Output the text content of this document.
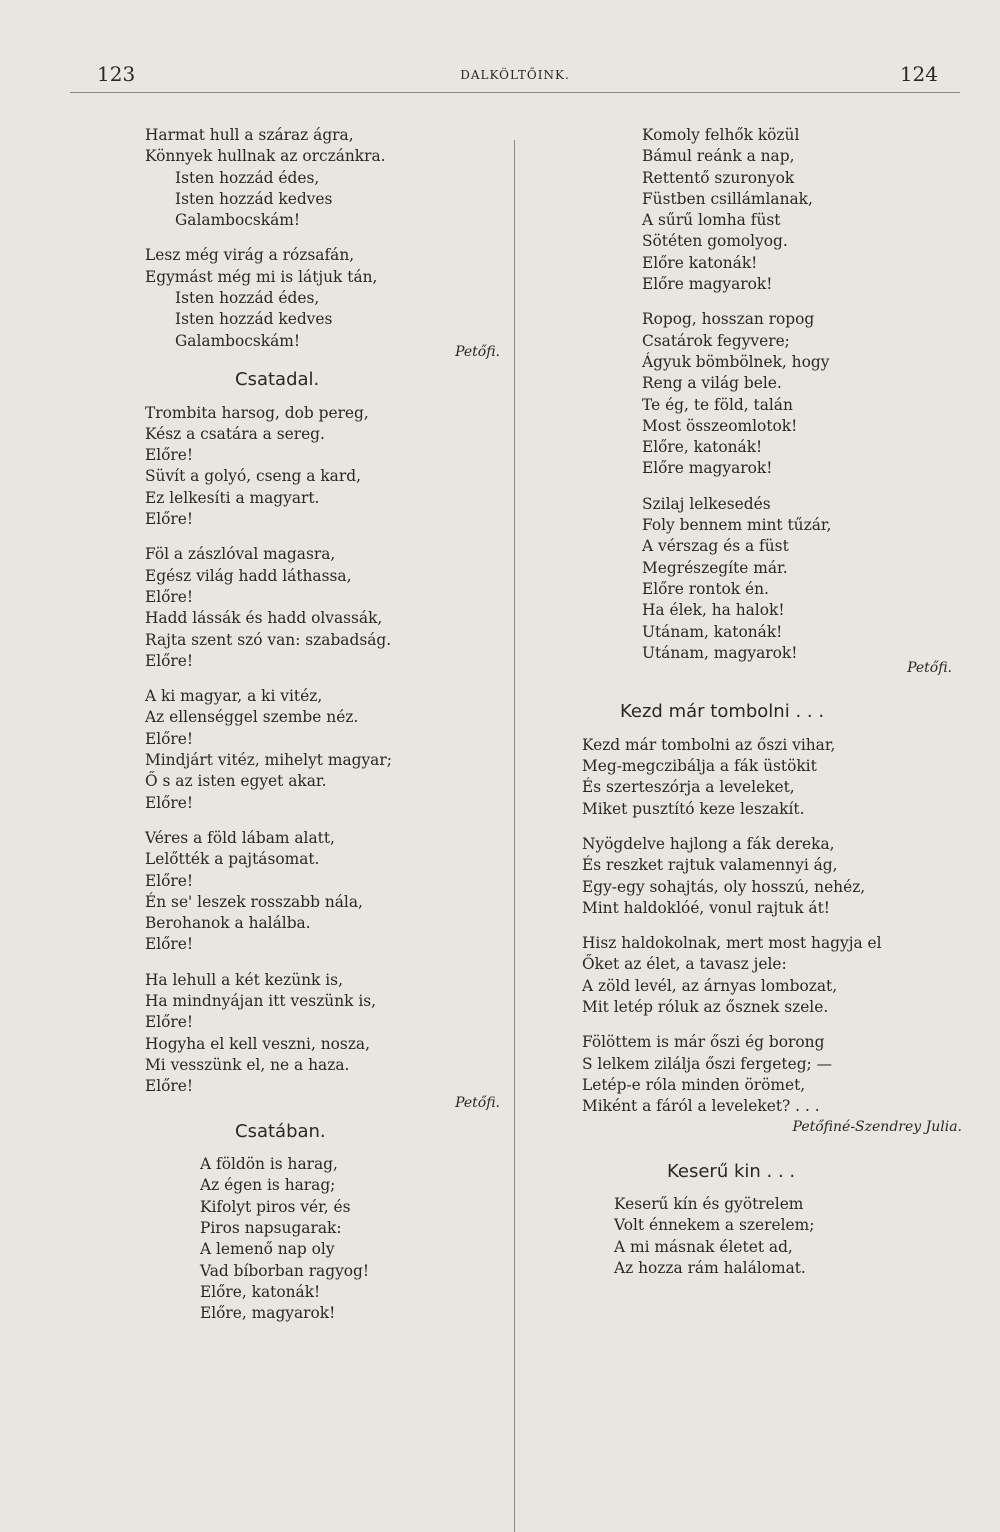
123	DALKÖLTŐINK.	124
Harmat hull a száraz ágra,
Könnyek hullnak az orczánkra.
Isten hozzád édes,
Isten hozzád kedves
Galambocskám!
Lesz még virág a rózsafán,
Egymást még mi is látjuk tán,
Isten hozzád édes,
Isten hozzád kedves
Galambocskám!
Petőfi.
Csatadal.
Trombita harsog, dob pereg,
Kész a csatára a sereg.
Előre!
Süvít a golyó, cseng a kard,
Ez lelkesíti a magyart.
Előre!
Föl a zászlóval magasra,
Egész világ hadd láthassa,
Előre!
Hadd lássák és hadd olvassák,
Rajta szent szó van: szabadság.
Előre!
A ki magyar, a ki vitéz,
Az ellenséggel szembe néz.
Előre!
Mindjárt vitéz, mihelyt magyar;
Ő s az isten egyet akar.
Előre!
Véres a föld lábam alatt,
Lelőtték a pajtásomat.
Előre!
Én se' leszek rosszabb nála,
Berohanok a halálba.
Előre!
Ha lehull a két kezünk is,
Ha mindnyájan itt veszünk is,
Előre!
Hogyha el kell veszni, nosza,
Mi vesszünk el, ne a haza.
Előre!
Petőfi.
Csatában.
A földön is harag,
Az égen is harag;
Kifolyt piros vér, és
Piros napsugarak:
A lemenő nap oly
Vad bíborban ragyog!
Előre, katonák!
Előre, magyarok!
Komoly felhők közül
Bámul reánk a nap,
Rettentő szuronyok
Füstben csillámlanak,
A sűrű lomha füst
Sötéten gomolyog.
Előre katonák!
Előre magyarok!
Ropog, hosszan ropog
Csatárok fegyvere;
Ágyuk bömbölnek, hogy
Reng a világ bele.
Te ég, te föld, talán
Most összeomlotok!
Előre, katonák!
Előre magyarok!
Szilaj lelkesedés
Foly bennem mint tűzár,
A vérszag és a füst
Megrészegíte már.
Előre rontok én.
Ha élek, ha halok!
Utánam, katonák!
Utánam, magyarok!
Petőfi.
Kezd már tombolni . . .
Kezd már tombolni az őszi vihar,
Meg-megczibálja a fák üstökit
És szerteszórja a leveleket,
Miket pusztító keze leszakít.
Nyögdelve hajlong a fák dereka,
És reszket rajtuk valamennyi ág,
Egy-egy sohajtás, oly hosszú, nehéz,
Mint haldoklóé, vonul rajtuk át!
Hisz haldokolnak, mert most hagyja el
Őket az élet, a tavasz jele:
A zöld levél, az árnyas lombozat,
Mit letép róluk az ősznek szele.
Fölöttem is már őszi ég borong
S lelkem zilálja őszi fergeteg; —
Letép-e róla minden örömet,
Miként a fáról a leveleket? . . .
Petőfiné-Szendrey Julia.
Keserű kin . . .
Keserű kín és gyötrelem
Volt énnekem a szerelem;
A mi másnak életet ad,
Az hozza rám halálomat.
